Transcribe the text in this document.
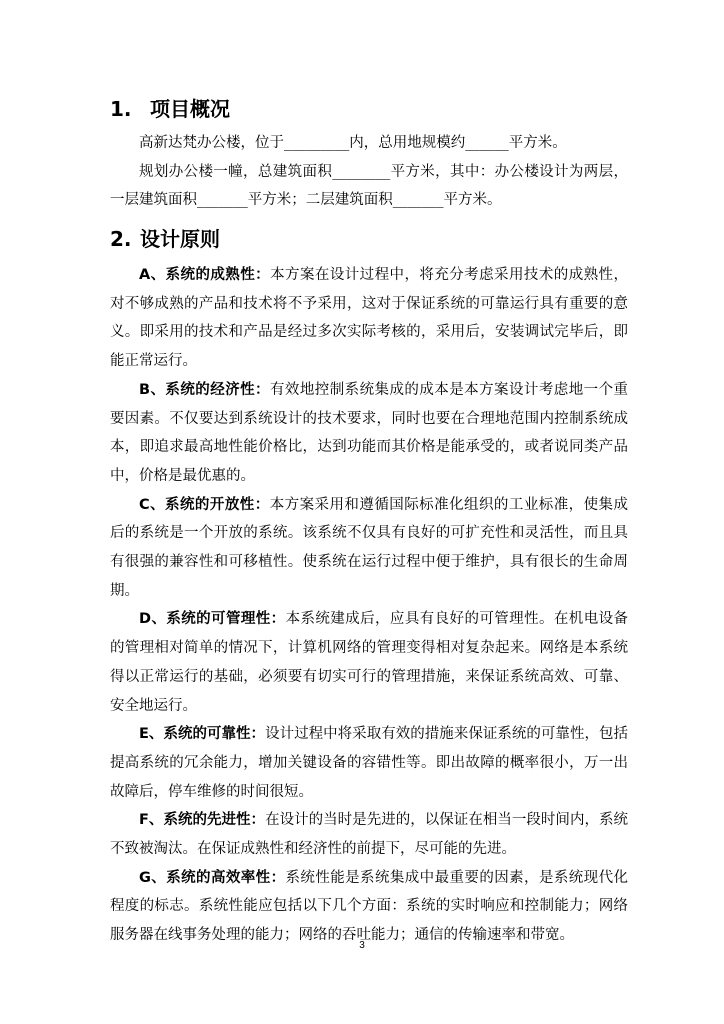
1. 项目概况

高新达梵办公楼，位于_________内，总用地规模约______平方米。

规划办公楼一幢，总建筑面积________平方米，其中：办公楼设计为两层，一层建筑面积_______平方米；二层建筑面积_______平方米。

2. 设计原则

A、系统的成熟性：本方案在设计过程中，将充分考虑采用技术的成熟性，对不够成熟的产品和技术将不予采用，这对于保证系统的可靠运行具有重要的意义。即采用的技术和产品是经过多次实际考核的，采用后，安装调试完毕后，即能正常运行。

B、系统的经济性：有效地控制系统集成的成本是本方案设计考虑地一个重要因素。不仅要达到系统设计的技术要求，同时也要在合理地范围内控制系统成本，即追求最高地性能价格比，达到功能而其价格是能承受的，或者说同类产品中，价格是最优惠的。

C、系统的开放性：本方案采用和遵循国际标准化组织的工业标准，使集成后的系统是一个开放的系统。该系统不仅具有良好的可扩充性和灵活性，而且具有很强的兼容性和可移植性。使系统在运行过程中便于维护，具有很长的生命周期。

D、系统的可管理性：本系统建成后，应具有良好的可管理性。在机电设备的管理相对简单的情况下，计算机网络的管理变得相对复杂起来。网络是本系统得以正常运行的基础，必须要有切实可行的管理措施，来保证系统高效、可靠、安全地运行。

E、系统的可靠性：设计过程中将采取有效的措施来保证系统的可靠性，包括提高系统的冗余能力，增加关键设备的容错性等。即出故障的概率很小，万一出故障后，停车维修的时间很短。

F、系统的先进性：在设计的当时是先进的，以保证在相当一段时间内，系统不致被淘汰。在保证成熟性和经济性的前提下，尽可能的先进。

G、系统的高效率性：系统性能是系统集成中最重要的因素，是系统现代化程度的标志。系统性能应包括以下几个方面：系统的实时响应和控制能力；网络服务器在线事务处理的能力；网络的吞吐能力；通信的传输速率和带宽。

3
